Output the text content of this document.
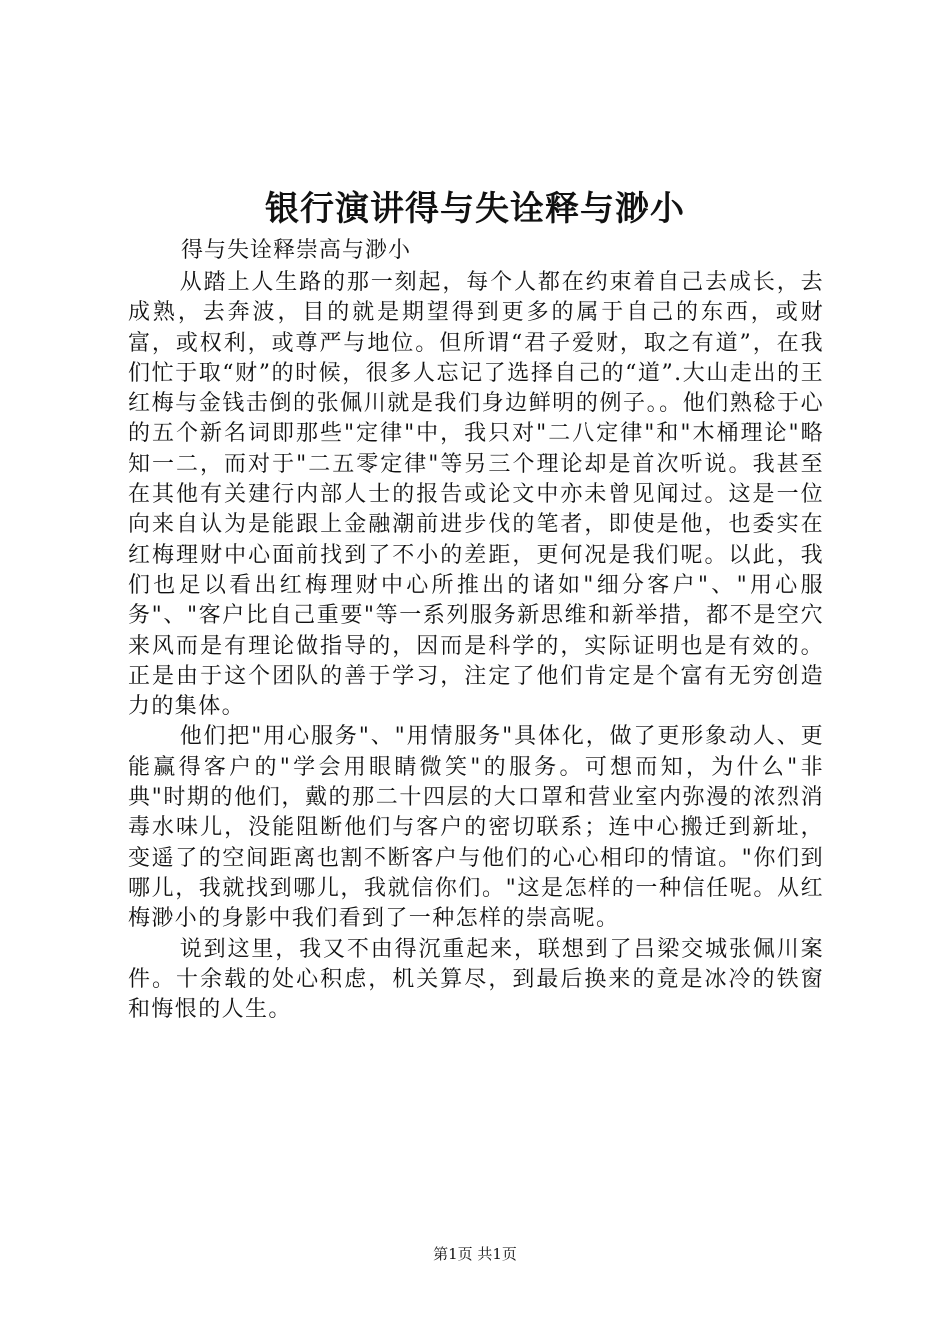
银行演讲得与失诠释与渺小

得与失诠释崇高与渺小

从踏上人生路的那一刻起，每个人都在约束着自己去成长，去成熟，去奔波，目的就是期望得到更多的属于自己的东西，或财富，或权利，或尊严与地位。但所谓“君子爱财，取之有道”，在我们忙于取“财”的时候，很多人忘记了选择自己的“道”.大山走出的王红梅与金钱击倒的张佩川就是我们身边鲜明的例子。。他们熟稔于心的五个新名词即那些"定律"中，我只对"二八定律"和"木桶理论"略知一二，而对于"二五零定律"等另三个理论却是首次听说。我甚至在其他有关建行内部人士的报告或论文中亦未曾见闻过。这是一位向来自认为是能跟上金融潮前进步伐的笔者，即使是他，也委实在红梅理财中心面前找到了不小的差距，更何况是我们呢。以此，我们也足以看出红梅理财中心所推出的诸如"细分客户"、"用心服务"、"客户比自己重要"等一系列服务新思维和新举措，都不是空穴来风而是有理论做指导的，因而是科学的，实际证明也是有效的。正是由于这个团队的善于学习，注定了他们肯定是个富有无穷创造力的集体。

他们把"用心服务"、"用情服务"具体化，做了更形象动人、更能赢得客户的"学会用眼睛微笑"的服务。可想而知，为什么"非典"时期的他们，戴的那二十四层的大口罩和营业室内弥漫的浓烈消毒水味儿，没能阻断他们与客户的密切联系；连中心搬迁到新址，变遥了的空间距离也割不断客户与他们的心心相印的情谊。"你们到哪儿，我就找到哪儿，我就信你们。"这是怎样的一种信任呢。从红梅渺小的身影中我们看到了一种怎样的崇高呢。

说到这里，我又不由得沉重起来，联想到了吕梁交城张佩川案件。十余载的处心积虑，机关算尽，到最后换来的竟是冰冷的铁窗和悔恨的人生。

第1页 共1页
